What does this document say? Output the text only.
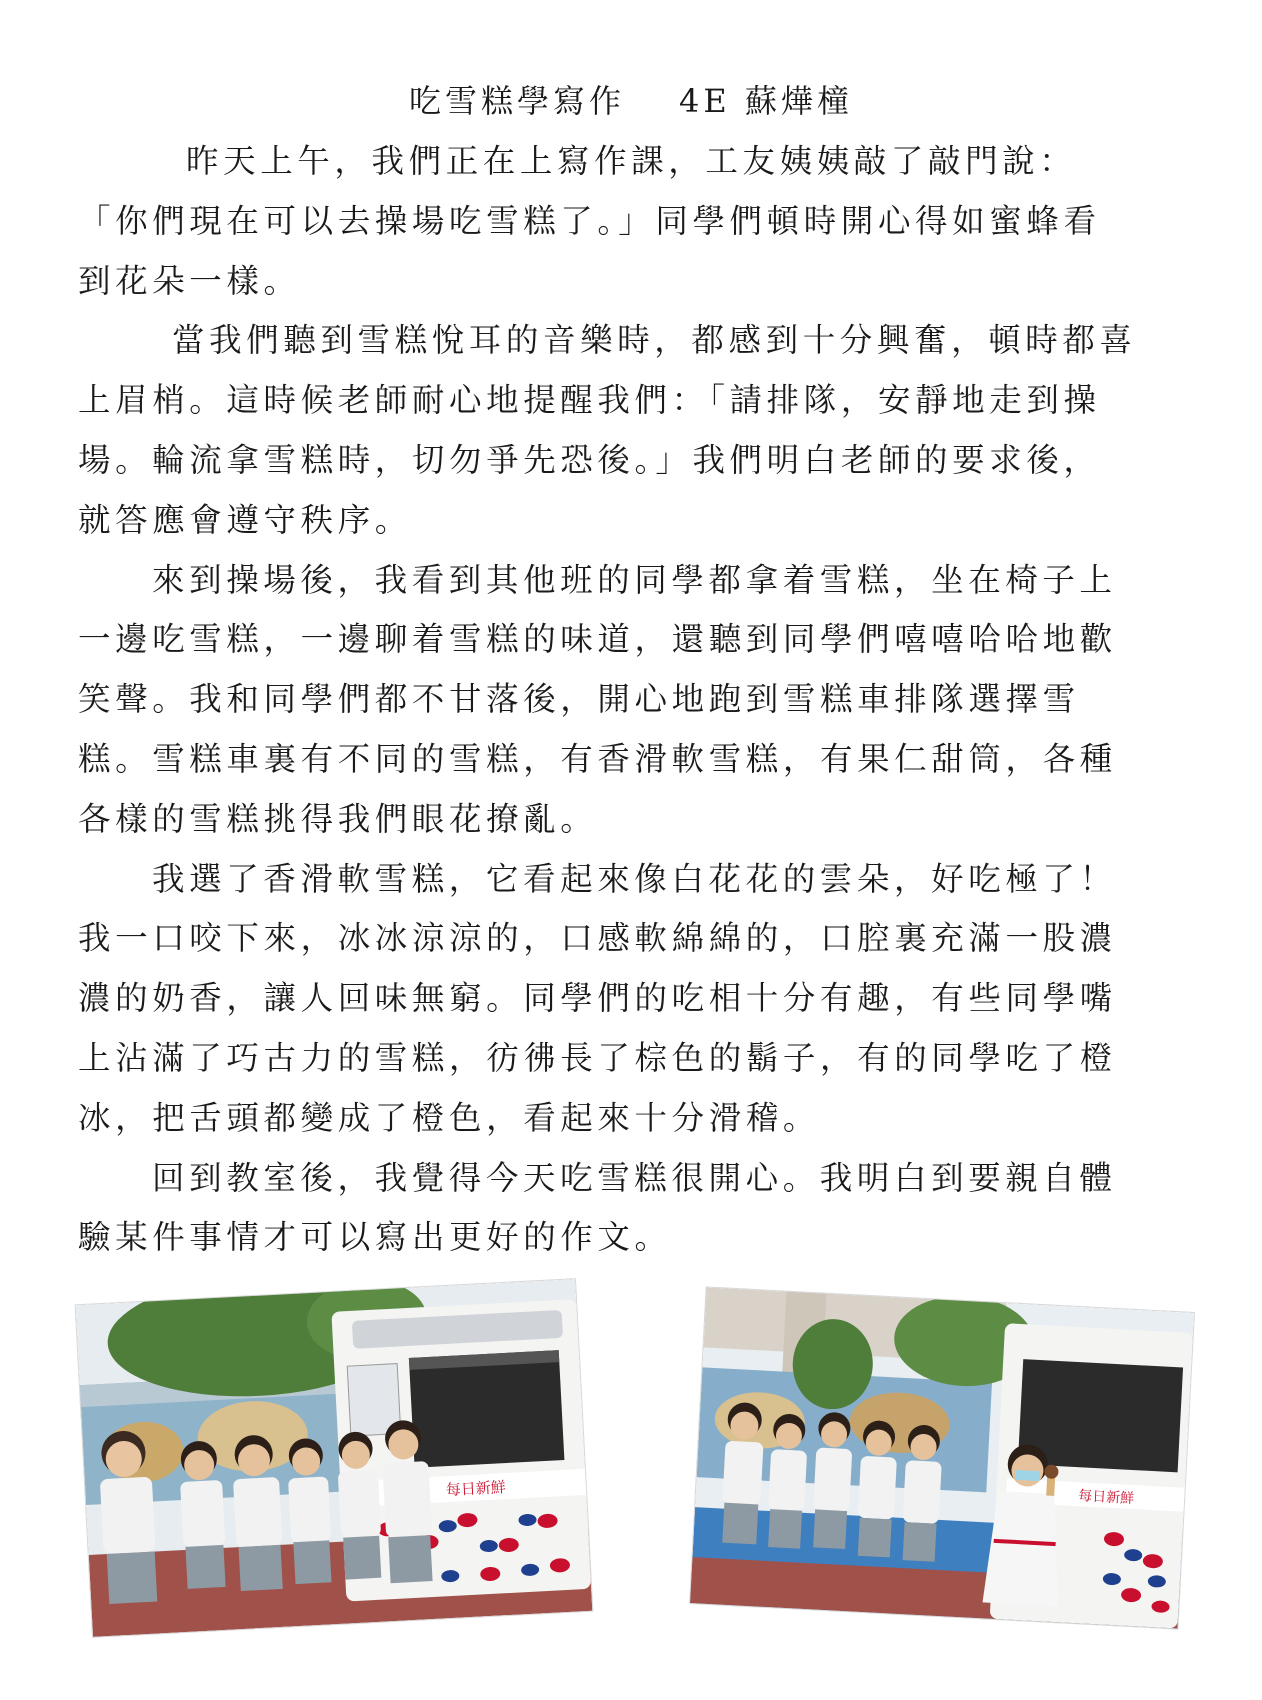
吃雪糕學寫作 4E 蘇燁橦
昨天上午，我們正在上寫作課，工友姨姨敲了敲門說：
「你們現在可以去操場吃雪糕了。」同學們頓時開心得如蜜蜂看
到花朵一樣。
當我們聽到雪糕悅耳的音樂時，都感到十分興奮，頓時都喜
上眉梢。這時候老師耐心地提醒我們：「請排隊，安靜地走到操
場。輪流拿雪糕時，切勿爭先恐後。」我們明白老師的要求後，
就答應會遵守秩序。
來到操場後，我看到其他班的同學都拿着雪糕，坐在椅子上
一邊吃雪糕，一邊聊着雪糕的味道，還聽到同學們嘻嘻哈哈地歡
笑聲。我和同學們都不甘落後，開心地跑到雪糕車排隊選擇雪
糕。雪糕車裏有不同的雪糕，有香滑軟雪糕，有果仁甜筒，各種
各樣的雪糕挑得我們眼花撩亂。
我選了香滑軟雪糕，它看起來像白花花的雲朵，好吃極了！
我一口咬下來，冰冰涼涼的，口感軟綿綿的，口腔裏充滿一股濃
濃的奶香，讓人回味無窮。同學們的吃相十分有趣，有些同學嘴
上沾滿了巧古力的雪糕，彷彿長了棕色的鬍子，有的同學吃了橙
冰，把舌頭都變成了橙色，看起來十分滑稽。
回到教室後，我覺得今天吃雪糕很開心。我明白到要親自體
驗某件事情才可以寫出更好的作文。
每日新鮮	每日新鮮
